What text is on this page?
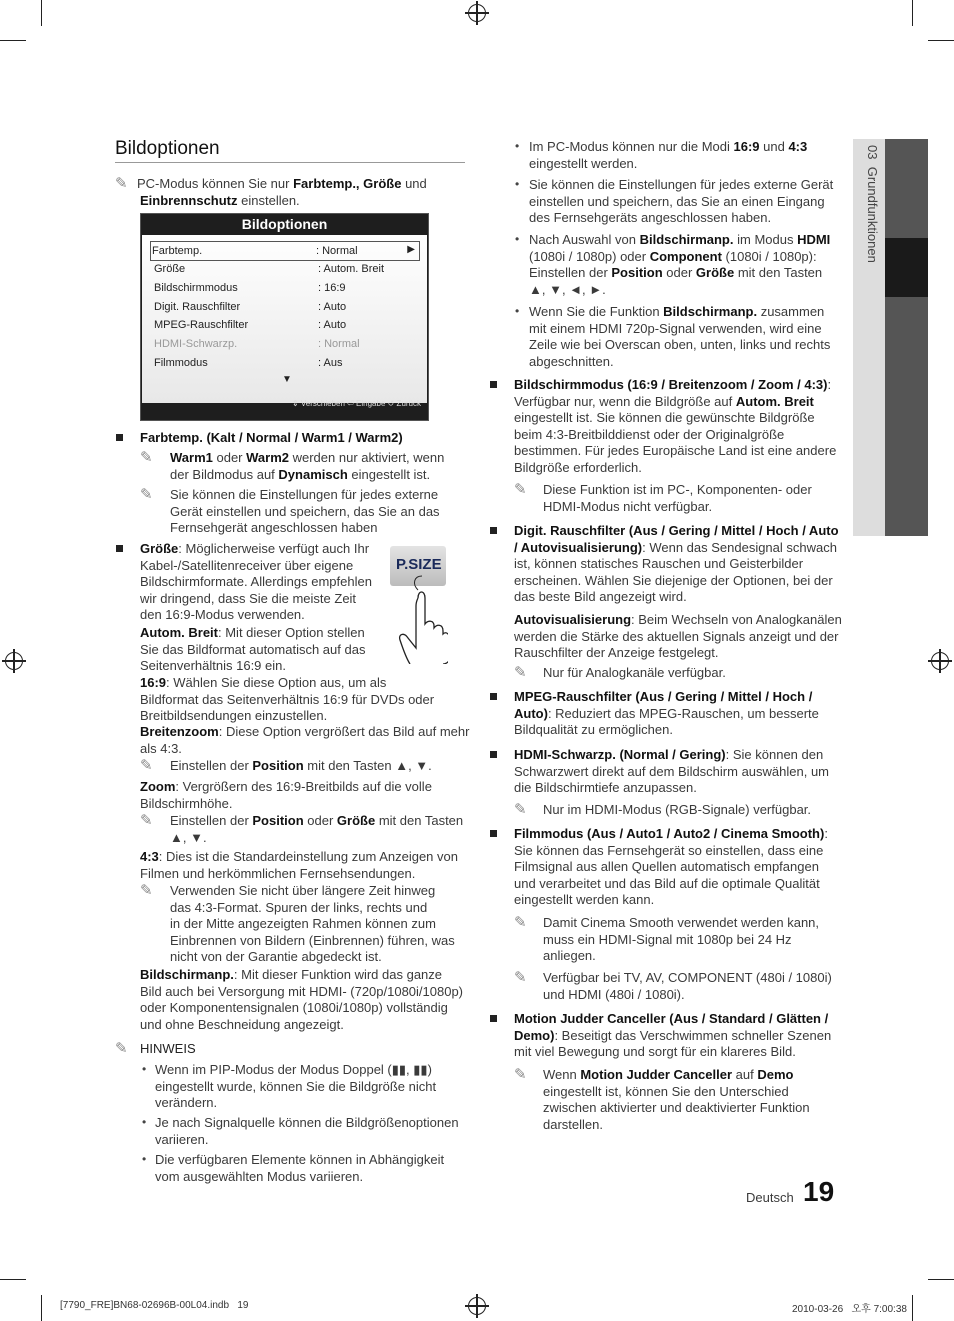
03  Grundfunktionen
Bildoptionen
✎ PC-Modus können Sie nur Farbtemp., Größe und
Einbrennschutz einstellen.
Bildoptionen
Farbtemp.	: Normal	▶
Größe	: Autom. Breit
Bildschirmmodus	: 16:9
Digit. Rauschfilter	: Auto
MPEG-Rauschfilter	: Auto
HDMI-Schwarzp.	: Normal
Filmmodus	: Aus
▼
⇕ Verschieben ⏎ Eingabe ↺ Zurück
Farbtemp. (Kalt / Normal / Warm1 / Warm2)
✎ Warm1 oder Warm2 werden nur aktiviert, wenn
der Bildmodus auf Dynamisch eingestellt ist.
✎ Sie können die Einstellungen für jedes externe
Gerät einstellen und speichern, das Sie an das
Fernsehgerät angeschlossen haben
Größe: Möglicherweise verfügt auch Ihr
Kabel-/Satellitenreceiver über eigene
Bildschirmformate. Allerdings empfehlen
wir dringend, dass Sie die meiste Zeit
den 16:9-Modus verwenden.
P.SIZE
Autom. Breit: Mit dieser Option stellen
Sie das Bildformat automatisch auf das
Seitenverhältnis 16:9 ein.
16:9: Wählen Sie diese Option aus, um als
Bildformat das Seitenverhältnis 16:9 für DVDs oder
Breitbildsendungen einzustellen.
Breitenzoom: Diese Option vergrößert das Bild auf mehr
als 4:3.
✎ Einstellen der Position mit den Tasten ▲, ▼.
Zoom: Vergrößern des 16:9-Breitbilds auf die volle
Bildschirmhöhe.
✎ Einstellen der Position oder Größe mit den Tasten
▲, ▼.
4:3: Dies ist die Standardeinstellung zum Anzeigen von
Filmen und herkömmlichen Fernsehsendungen.
✎ Verwenden Sie nicht über längere Zeit hinweg
das 4:3-Format. Spuren der links, rechts und
in der Mitte angezeigten Rahmen können zum
Einbrennen von Bildern (Einbrennen) führen, was
nicht von der Garantie abgedeckt ist.
Bildschirmanp.: Mit dieser Funktion wird das ganze
Bild auch bei Versorgung mit HDMI- (720p/1080i/1080p)
oder Komponentensignalen (1080i/1080p) vollständig
und ohne Beschneidung angezeigt.
✎ HINWEIS
• Wenn im PIP-Modus der Modus Doppel (▮▮, ▮▮)
eingestellt wurde, können Sie die Bildgröße nicht
verändern.
• Je nach Signalquelle können die Bildgrößenoptionen
variieren.
• Die verfügbaren Elemente können in Abhängigkeit
vom ausgewählten Modus variieren.
• Im PC-Modus können nur die Modi 16:9 und 4:3
eingestellt werden.
• Sie können die Einstellungen für jedes externe Gerät
einstellen und speichern, das Sie an einen Eingang
des Fernsehgeräts angeschlossen haben.
• Nach Auswahl von Bildschirmanp. im Modus HDMI
(1080i / 1080p) oder Component (1080i / 1080p):
Einstellen der Position oder Größe mit den Tasten
▲, ▼, ◄, ►.
• Wenn Sie die Funktion Bildschirmanp. zusammen
mit einem HDMI 720p-Signal verwenden, wird eine
Zeile wie bei Overscan oben, unten, links und rechts
abgeschnitten.
Bildschirmmodus (16:9 / Breitenzoom / Zoom / 4:3):
Verfügbar nur, wenn die Bildgröße auf Autom. Breit
eingestellt ist. Sie können die gewünschte Bildgröße
beim 4:3-Breitbilddienst oder der Originalgröße
bestimmen. Für jedes Europäische Land ist eine andere
Bildgröße erforderlich.
✎ Diese Funktion ist im PC-, Komponenten- oder
HDMI-Modus nicht verfügbar.
Digit. Rauschfilter (Aus / Gering / Mittel / Hoch / Auto
/ Autovisualisierung): Wenn das Sendesignal schwach
ist, können statisches Rauschen und Geisterbilder
erscheinen. Wählen Sie diejenige der Optionen, bei der
das beste Bild angezeigt wird.
Autovisualisierung: Beim Wechseln von Analogkanälen
werden die Stärke des aktuellen Signals anzeigt und der
Rauschfilter der Anzeige festgelegt.
✎ Nur für Analogkanäle verfügbar.
MPEG-Rauschfilter (Aus / Gering / Mittel / Hoch /
Auto): Reduziert das MPEG-Rauschen, um besserte
Bildqualität zu ermöglichen.
HDMI-Schwarzp. (Normal / Gering): Sie können den
Schwarzwert direkt auf dem Bildschirm auswählen, um
die Bildschirmtiefe anzupassen.
✎ Nur im HDMI-Modus (RGB-Signale) verfügbar.
Filmmodus (Aus / Auto1 / Auto2 / Cinema Smooth):
Sie können das Fernsehgerät so einstellen, dass eine
Filmsignal aus allen Quellen automatisch empfangen
und verarbeitet und das Bild auf die optimale Qualität
eingestellt werden kann.
✎ Damit Cinema Smooth verwendet werden kann,
muss ein HDMI-Signal mit 1080p bei 24 Hz
anliegen.
✎ Verfügbar bei TV, AV, COMPONENT (480i / 1080i)
und HDMI (480i / 1080i).
Motion Judder Canceller (Aus / Standard / Glätten /
Demo): Beseitigt das Verschwimmen schneller Szenen
mit viel Bewegung und sorgt für ein klareres Bild.
✎ Wenn Motion Judder Canceller auf Demo
eingestellt ist, können Sie den Unterschied
zwischen aktivierter und deaktivierter Funktion
darstellen.
Deutsch 19
[7790_FRE]BN68-02696B-00L04.indb   19	2010-03-26   오후 7:00:38
